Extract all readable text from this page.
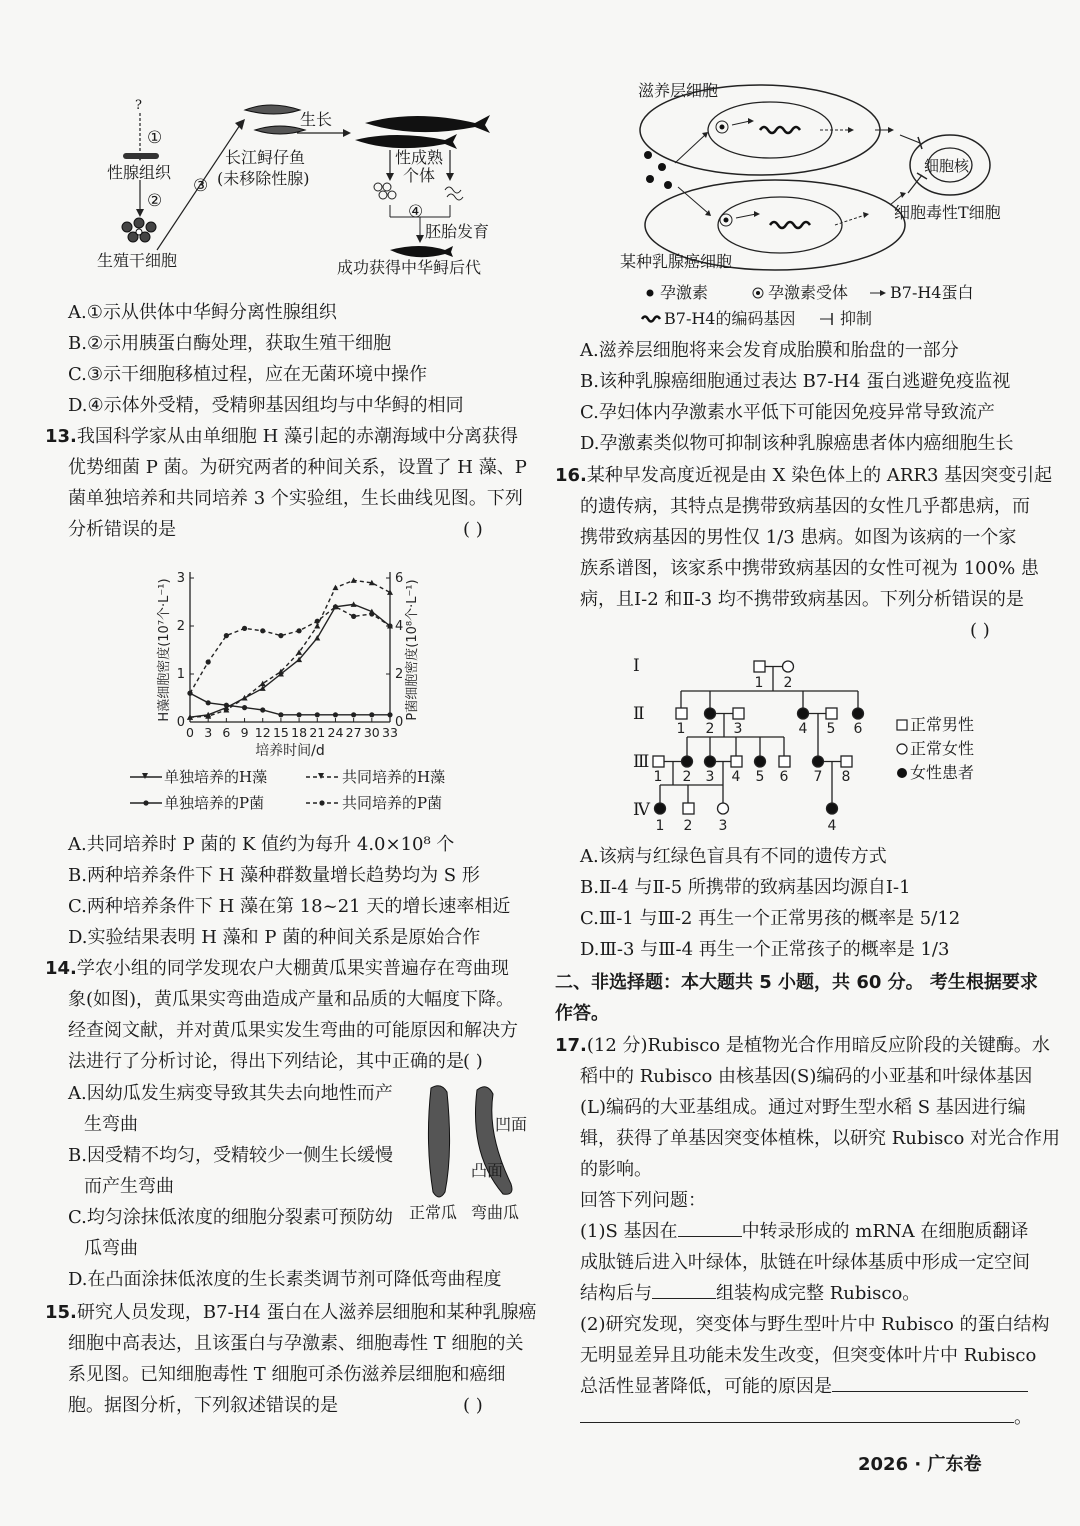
?
①
性腺组织
②
③
生殖干细胞
长江鲟仔鱼
(未移除性腺)
生长
性成熟
个体
④
胚胎发育
成功获得中华鲟后代
A.①示从供体中华鲟分离性腺组织
B.②示用胰蛋白酶处理，获取生殖干细胞
C.③示干细胞移植过程，应在无菌环境中操作
D.④示体外受精，受精卵基因组均与中华鲟的相同
13.我国科学家从由单细胞 H 藻引起的赤潮海域中分离获得
优势细菌 P 菌。为研究两者的种间关系，设置了 H 藻、P
菌单独培养和共同培养 3 个实验组，生长曲线见图。下列
分析错误的是	( )
0 3 6 9 12 15 18 21 24 27 30 33
0
1
2
3
0
2
4
6
培养时间/d
H藻细胞密度(10⁷个·L⁻¹)	P菌细胞密度(10⁸个·L⁻¹)
单独培养的H藻	共同培养的H藻
单独培养的P菌	共同培养的P菌
A.共同培养时 P 菌的 K 值约为每升 4.0×10⁸ 个
B.两种培养条件下 H 藻种群数量增长趋势均为 S 形
C.两种培养条件下 H 藻在第 18~21 天的增长速率相近
D.实验结果表明 H 藻和 P 菌的种间关系是原始合作
14.学农小组的同学发现农户大棚黄瓜果实普遍存在弯曲现
象(如图)，黄瓜果实弯曲造成产量和品质的大幅度下降。
经查阅文献，并对黄瓜果实发生弯曲的可能原因和解决方
法进行了分析讨论，得出下列结论，其中正确的是 ( )
A.因幼瓜发生病变导致其失去向地性而产
生弯曲
B.因受精不均匀，受精较少一侧生长缓慢
而产生弯曲
C.均匀涂抹低浓度的细胞分裂素可预防幼
瓜弯曲
D.在凸面涂抹低浓度的生长素类调节剂可降低弯曲程度
凹面
凸面
正常瓜 弯曲瓜
15.研究人员发现，B7-H4 蛋白在人滋养层细胞和某种乳腺癌
细胞中高表达，且该蛋白与孕激素、细胞毒性 T 细胞的关
系见图。已知细胞毒性 T 细胞可杀伤滋养层细胞和癌细
胞。据图分析，下列叙述错误的是	( )
滋养层细胞
细胞核
细胞毒性T细胞
某种乳腺癌细胞
孕激素	孕激素受体	B7-H4蛋白
B7-H4的编码基因	抑制
A.滋养层细胞将来会发育成胎膜和胎盘的一部分
B.该种乳腺癌细胞通过表达 B7-H4 蛋白逃避免疫监视
C.孕妇体内孕激素水平低下可能因免疫异常导致流产
D.孕激素类似物可抑制该种乳腺癌患者体内癌细胞生长
16.某种早发高度近视是由 X 染色体上的 ARR3 基因突变引起
的遗传病，其特点是携带致病基因的女性几乎都患病，而
携带致病基因的男性仅 1/3 患病。如图为该病的一个家
族系谱图，该家系中携带致病基因的女性可视为 100% 患
病，且Ⅰ-2 和Ⅱ-3 均不携带致病基因。下列分析错误的是
( )
1 2
1 2 3	4 5 6
1 2 3 4 5 6 7 8
1 2 3	4
Ⅰ
Ⅱ
Ⅲ
Ⅳ
正常男性
正常女性
女性患者
A.该病与红绿色盲具有不同的遗传方式
B.Ⅱ-4 与Ⅱ-5 所携带的致病基因均源自Ⅰ-1
C.Ⅲ-1 与Ⅲ-2 再生一个正常男孩的概率是 5/12
D.Ⅲ-3 与Ⅲ-4 再生一个正常孩子的概率是 1/3
二、非选择题：本大题共 5 小题，共 60 分。 考生根据要求
作答。
17.(12 分)Rubisco 是植物光合作用暗反应阶段的关键酶。水
稻中的 Rubisco 由核基因(S)编码的小亚基和叶绿体基因
(L)编码的大亚基组成。通过对野生型水稻 S 基因进行编
辑，获得了单基因突变体植株，以研究 Rubisco 对光合作用
的影响。
回答下列问题：
(1)S 基因在	中转录形成的 mRNA 在细胞质翻译
成肽链后进入叶绿体，肽链在叶绿体基质中形成一定空间
结构后与	组装构成完整 Rubisco。
(2)研究发现，突变体与野生型叶片中 Rubisco 的蛋白结构
无明显差异且功能未发生改变，但突变体叶片中 Rubisco
总活性显著降低，可能的原因是
。
2026 · 广东卷
